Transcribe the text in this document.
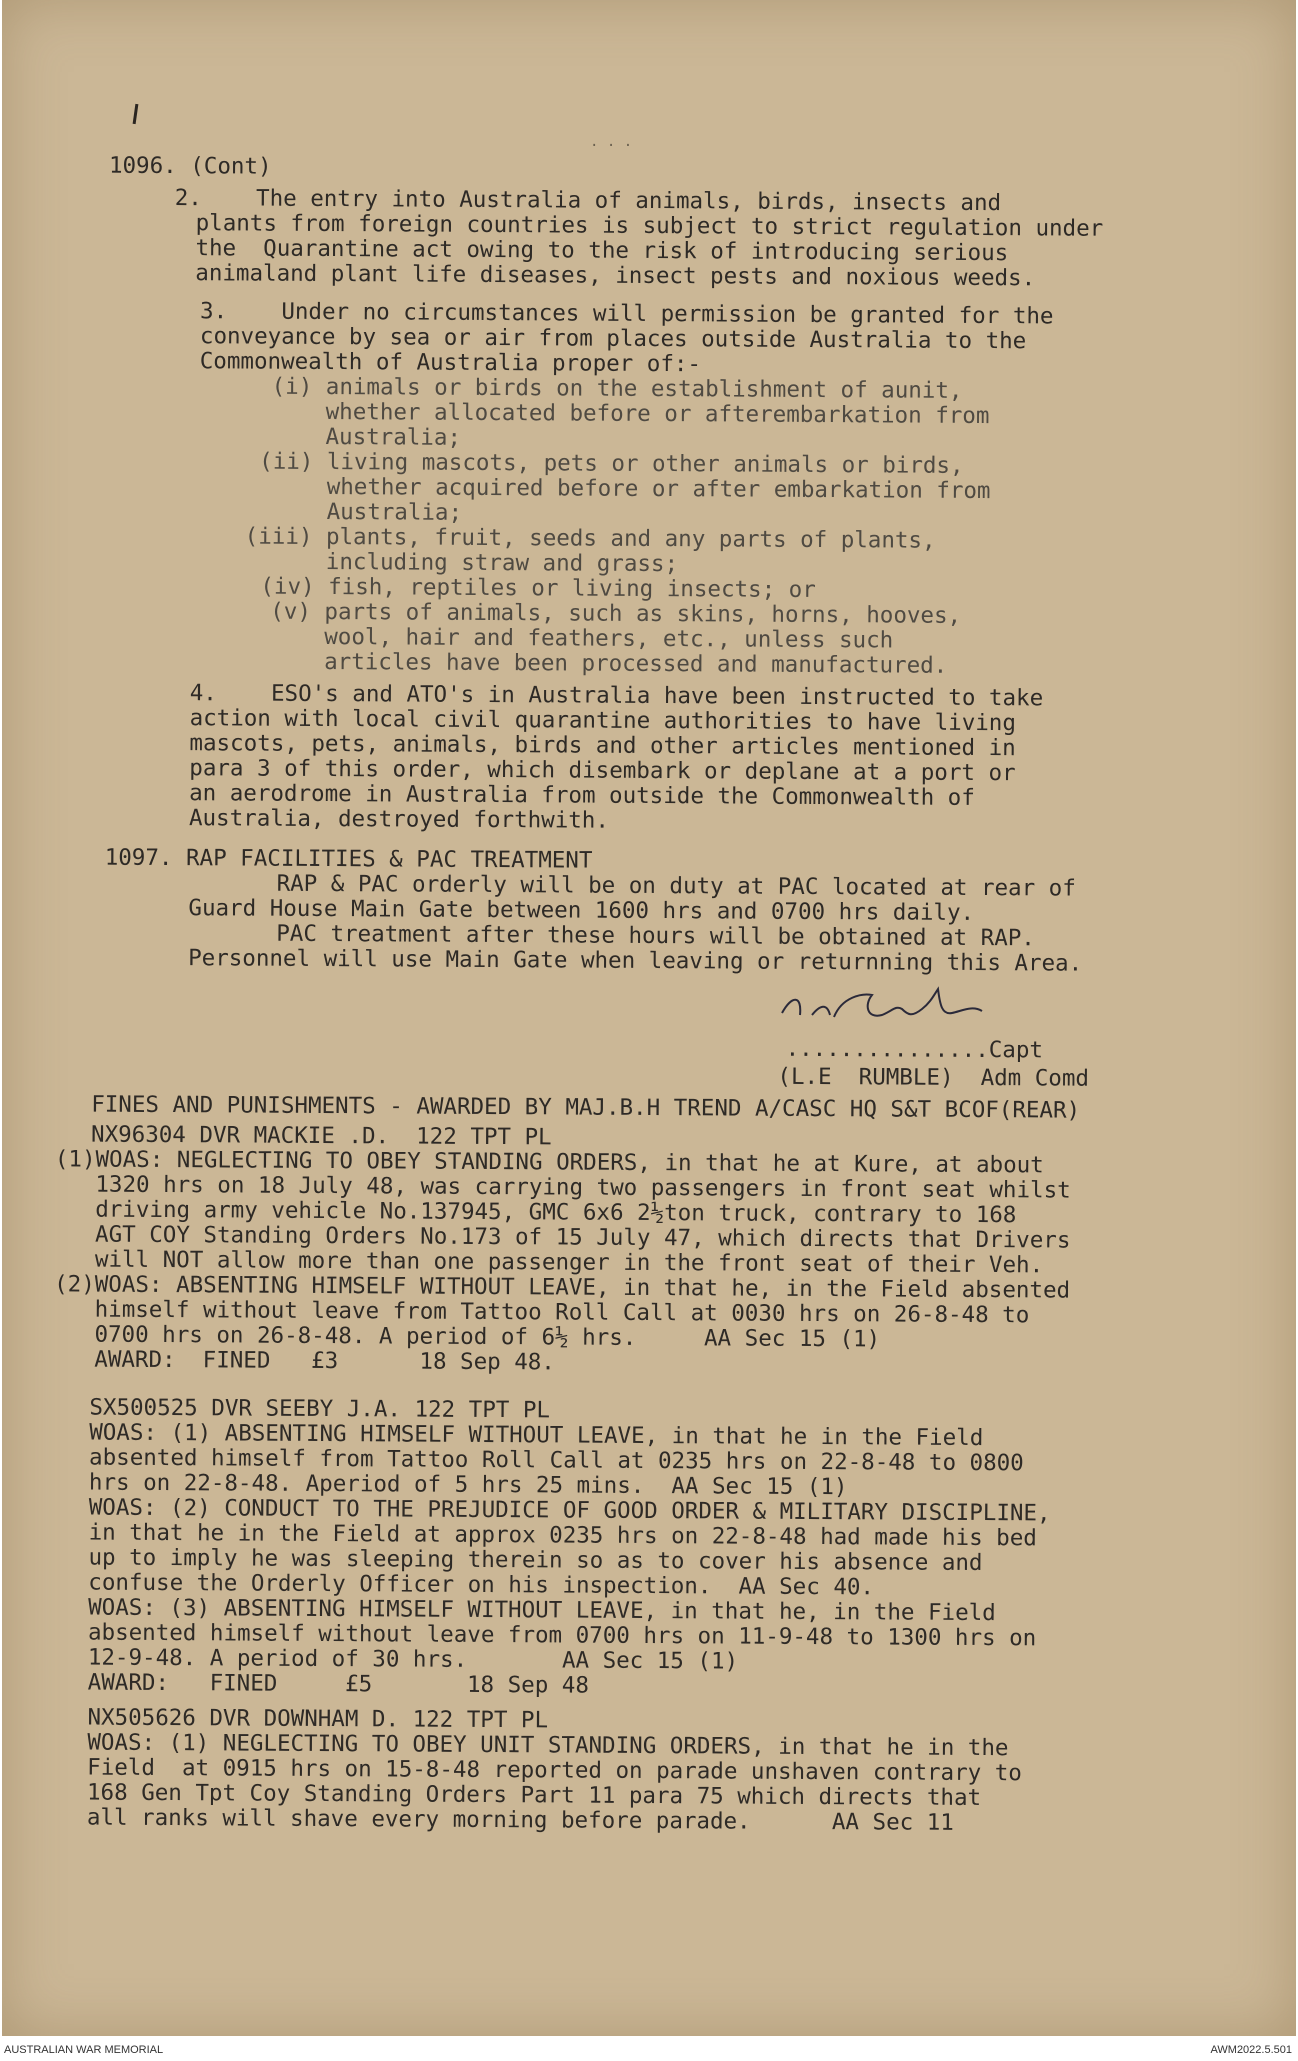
. . .

1096. (Cont)

2.    The entry into Australia of animals, birds, insects and

plants from foreign countries is subject to strict regulation under

the  Quarantine act owing to the risk of introducing serious

animaland plant life diseases, insect pests and noxious weeds.

3.    Under no circumstances will permission be granted for the

conveyance by sea or air from places outside Australia to the

Commonwealth of Australia proper of:-

(i) animals or birds on the establishment of aunit,

whether allocated before or afterembarkation from

Australia;

(ii) living mascots, pets or other animals or birds,

whether acquired before or after embarkation from

Australia;

(iii) plants, fruit, seeds and any parts of plants,

including straw and grass;

(iv) fish, reptiles or living insects; or

(v) parts of animals, such as skins, horns, hooves,

wool, hair and feathers, etc., unless such

articles have been processed and manufactured.

4.    ESO's and ATO's in Australia have been instructed to take

action with local civil quarantine authorities to have living

mascots, pets, animals, birds and other articles mentioned in

para 3 of this order, which disembark or deplane at a port or

an aerodrome in Australia from outside the Commonwealth of

Australia, destroyed forthwith.

1097. RAP FACILITIES & PAC TREATMENT

RAP & PAC orderly will be on duty at PAC located at rear of

Guard House Main Gate between 1600 hrs and 0700 hrs daily.

PAC treatment after these hours will be obtained at RAP.

Personnel will use Main Gate when leaving or returnning this Area.

...............Capt

(L.E  RUMBLE)  Adm Comd

FINES AND PUNISHMENTS - AWARDED BY MAJ.B.H TREND A/CASC HQ S&T BCOF(REAR)

NX96304 DVR MACKIE .D.  122 TPT PL

(1)WOAS: NEGLECTING TO OBEY STANDING ORDERS, in that he at Kure, at about

1320 hrs on 18 July 48, was carrying two passengers in front seat whilst

driving army vehicle No.137945, GMC 6x6 2½ton truck, contrary to 168

AGT COY Standing Orders No.173 of 15 July 47, which directs that Drivers

will NOT allow more than one passenger in the front seat of their Veh.

(2)WOAS: ABSENTING HIMSELF WITHOUT LEAVE, in that he, in the Field absented

himself without leave from Tattoo Roll Call at 0030 hrs on 26-8-48 to

0700 hrs on 26-8-48. A period of 6½ hrs.     AA Sec 15 (1)

AWARD:  FINED   £3      18 Sep 48.

SX500525 DVR SEEBY J.A. 122 TPT PL

WOAS: (1) ABSENTING HIMSELF WITHOUT LEAVE, in that he in the Field

absented himself from Tattoo Roll Call at 0235 hrs on 22-8-48 to 0800

hrs on 22-8-48. Aperiod of 5 hrs 25 mins.  AA Sec 15 (1)

WOAS: (2) CONDUCT TO THE PREJUDICE OF GOOD ORDER & MILITARY DISCIPLINE,

in that he in the Field at approx 0235 hrs on 22-8-48 had made his bed

up to imply he was sleeping therein so as to cover his absence and

confuse the Orderly Officer on his inspection.  AA Sec 40.

WOAS: (3) ABSENTING HIMSELF WITHOUT LEAVE, in that he, in the Field

absented himself without leave from 0700 hrs on 11-9-48 to 1300 hrs on

12-9-48. A period of 30 hrs.       AA Sec 15 (1)

AWARD:   FINED     £5       18 Sep 48

NX505626 DVR DOWNHAM D. 122 TPT PL

WOAS: (1) NEGLECTING TO OBEY UNIT STANDING ORDERS, in that he in the

Field  at 0915 hrs on 15-8-48 reported on parade unshaven contrary to

168 Gen Tpt Coy Standing Orders Part 11 para 75 which directs that

all ranks will shave every morning before parade.      AA Sec 11

AUSTRALIAN WAR MEMORIAL	AWM2022.5.501
